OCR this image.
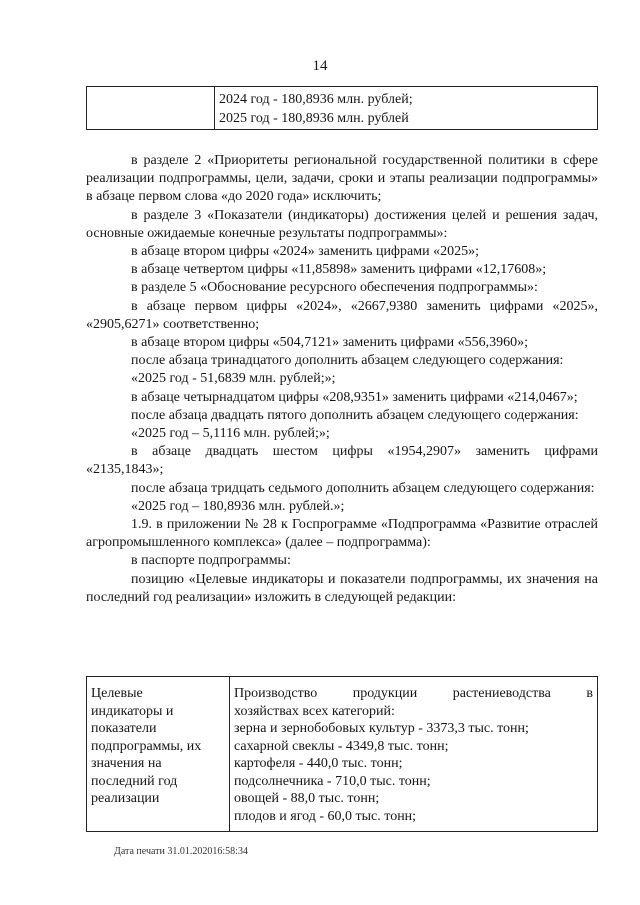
14
2024 год - 180,8936 млн. рублей;
2025 год - 180,8936 млн. рублей
в разделе 2 «Приоритеты региональной государственной политики в сфере реализации подпрограммы, цели, задачи, сроки и этапы реализации подпрограммы» в абзаце первом слова «до 2020 года» исключить;
в разделе 3 «Показатели (индикаторы) достижения целей и решения задач, основные ожидаемые конечные результаты подпрограммы»:
в абзаце втором цифры «2024» заменить цифрами «2025»;
в абзаце четвертом цифры «11,85898» заменить цифрами «12,17608»;
в разделе 5 «Обоснование ресурсного обеспечения подпрограммы»:
в абзаце первом цифры «2024», «2667,9380 заменить цифрами «2025», «2905,6271» соответственно;
в абзаце втором цифры «504,7121» заменить цифрами «556,3960»;
после абзаца тринадцатого дополнить абзацем следующего содержания:
«2025 год - 51,6839 млн. рублей;»;
в абзаце четырнадцатом цифры «208,9351» заменить цифрами «214,0467»;
после абзаца двадцать пятого дополнить абзацем следующего содержания:
«2025 год – 5,1116 млн. рублей;»;
в абзаце двадцать шестом цифры «1954,2907» заменить цифрами «2135,1843»;
после абзаца тридцать седьмого дополнить абзацем следующего содержания:
«2025 год – 180,8936 млн. рублей.»;
1.9. в приложении № 28 к Госпрограмме «Подпрограмма «Развитие отраслей агропромышленного комплекса» (далее – подпрограмма):
в паспорте подпрограммы:
позицию «Целевые индикаторы и показатели подпрограммы, их значения на последний год реализации» изложить в следующей редакции:
Целевые
индикаторы и
показатели
подпрограммы, их
значения на
последний год
реализации
Производство продукции растениеводства в
хозяйствах всех категорий:
зерна и зернобобовых культур - 3373,3 тыс. тонн;
сахарной свеклы - 4349,8 тыс. тонн;
картофеля - 440,0 тыс. тонн;
подсолнечника - 710,0 тыс. тонн;
овощей - 88,0 тыс. тонн;
плодов и ягод - 60,0 тыс. тонн;
Дата печати 31.01.202016:58:34
